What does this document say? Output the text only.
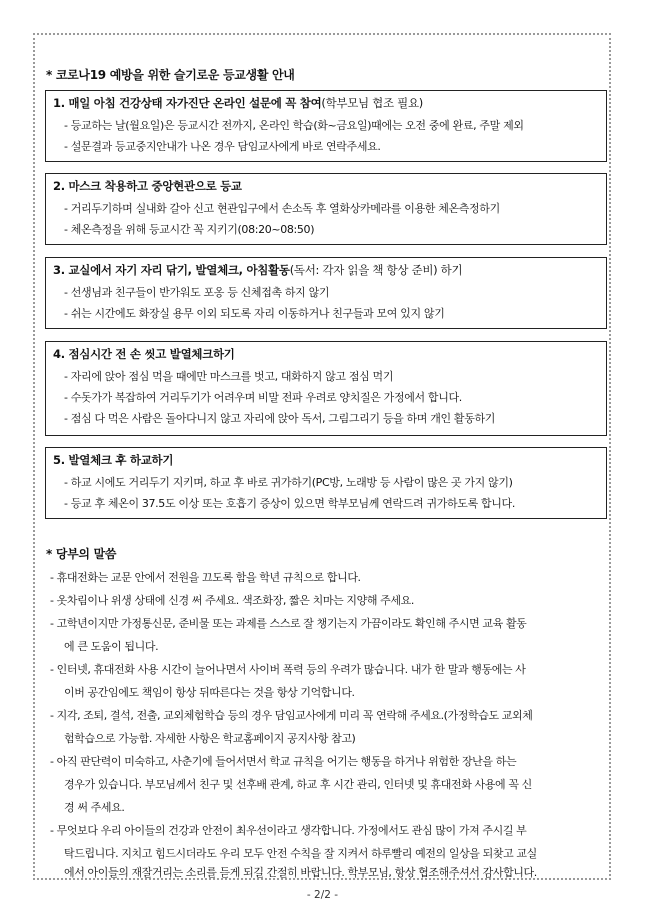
* 코로나19 예방을 위한 슬기로운 등교생활 안내
1. 매일 아침 건강상태 자가진단 온라인 설문에 꼭 참여(학부모님 협조 필요)
- 등교하는 날(월요일)은 등교시간 전까지, 온라인 학습(화~금요일)때에는 오전 중에 완료, 주말 제외
- 설문결과 등교중지안내가 나온 경우 담임교사에게 바로 연락주세요.
2. 마스크 착용하고 중앙현관으로 등교
- 거리두기하며 실내화 갈아 신고 현관입구에서 손소독 후 열화상카메라를 이용한 체온측정하기
- 체온측정을 위해 등교시간 꼭 지키기(08:20~08:50)
3. 교실에서 자기 자리 닦기, 발열체크, 아침활동(독서: 각자 읽을 책 항상 준비) 하기
- 선생님과 친구들이 반가워도 포옹 등 신체접촉 하지 않기
- 쉬는 시간에도 화장실 용무 이외 되도록 자리 이동하거나 친구들과 모여 있지 않기
4. 점심시간 전 손 씻고 발열체크하기
- 자리에 앉아 점심 먹을 때에만 마스크를 벗고, 대화하지 않고 점심 먹기
- 수돗가가 복잡하여 거리두기가 어려우며 비말 전파 우려로 양치질은 가정에서 합니다.
- 점심 다 먹은 사람은 돌아다니지 않고 자리에 앉아 독서, 그림그리기 등을 하며 개인 활동하기
5. 발열체크 후 하교하기
- 하교 시에도 거리두기 지키며, 하교 후 바로 귀가하기(PC방, 노래방 등 사람이 많은 곳 가지 않기)
- 등교 후 체온이 37.5도 이상 또는 호흡기 증상이 있으면 학부모님께 연락드려 귀가하도록 합니다.
* 당부의 말씀
- 휴대전화는 교문 안에서 전원을 끄도록 함을 학년 규칙으로 합니다.
- 옷차림이나 위생 상태에 신경 써 주세요. 색조화장, 짧은 치마는 지양해 주세요.
- 고학년이지만 가정통신문, 준비물 또는 과제를 스스로 잘 챙기는지 가끔이라도 확인해 주시면 교육 활동
에 큰 도움이 됩니다.
- 인터넷, 휴대전화 사용 시간이 늘어나면서 사이버 폭력 등의 우려가 많습니다. 내가 한 말과 행동에는 사
이버 공간임에도 책임이 항상 뒤따른다는 것을 항상 기억합니다.
- 지각, 조퇴, 결석, 전출, 교외체험학습 등의 경우 담임교사에게 미리 꼭 연락해 주세요.(가정학습도 교외체
험학습으로 가능함. 자세한 사항은 학교홈페이지 공지사항 참고)
- 아직 판단력이 미숙하고, 사춘기에 들어서면서 학교 규칙을 어기는 행동을 하거나 위험한 장난을 하는
경우가 있습니다. 부모님께서 친구 및 선후배 관계, 하교 후 시간 관리, 인터넷 및 휴대전화 사용에 꼭 신
경 써 주세요.
- 무엇보다 우리 아이들의 건강과 안전이 최우선이라고 생각합니다. 가정에서도 관심 많이 가져 주시길 부
탁드립니다. 지치고 힘드시더라도 우리 모두 안전 수칙을 잘 지켜서 하루빨리 예전의 일상을 되찾고 교실
에서 아이들의 재잘거리는 소리를 듣게 되길 간절히 바랍니다. 학부모님, 항상 협조해주셔서 감사합니다.
- 2/2 -
